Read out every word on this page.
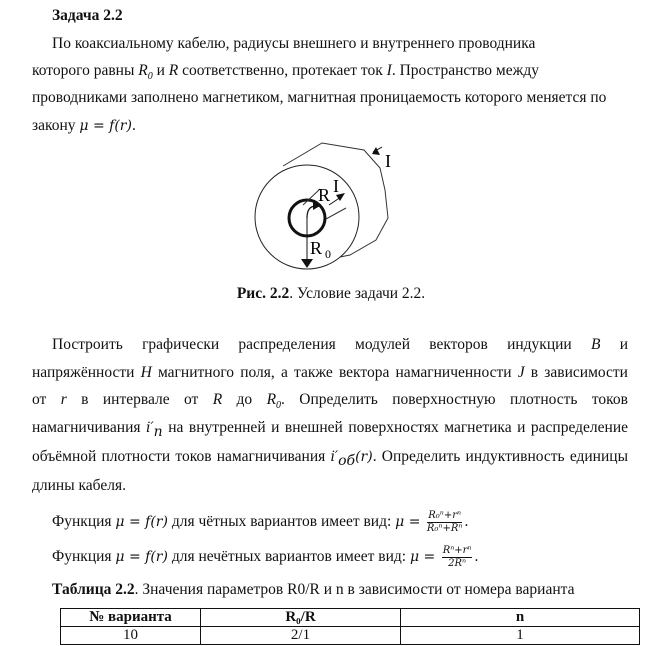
Задача 2.2
По коаксиальному кабелю, радиусы внешнего и внутреннего проводника
которого равны $R_0$ и R соответственно, протекает ток I. Пространство между
проводниками заполнено магнетиком, магнитная проницаемость которого меняется по
закону μ = f(r).
I
I
R
R 0
Рис. 2.2. Условие задачи 2.2.
Построить графически распределения модулей векторов индукции B и
напряжённости H магнитного поля, а также вектора намагниченности J в зависимости
от r в интервале от R до $R_0$. Определить поверхностную плотность токов
намагничивания $i'_п$ на внутренней и внешней поверхностях магнетика и распределение
объёмной плотности токов намагничивания $i'_{об}(r)$. Определить индуктивность единицы
длины кабеля.
Функция μ = f(r) для чётных вариантов имеет вид: $\mu = \frac{\text{R₀ⁿ+rⁿ}}{\text{R₀ⁿ+Rⁿ}}$ .
Функция μ = f(r) для нечётных вариантов имеет вид: $\mu = \frac{\text{Rⁿ+rⁿ}}{\text{2Rⁿ}}$ .
Таблица 2.2. Значения параметров R0/R и n в зависимости от номера варианта
№ варианта	R₀/R	n
10	2/1	1
